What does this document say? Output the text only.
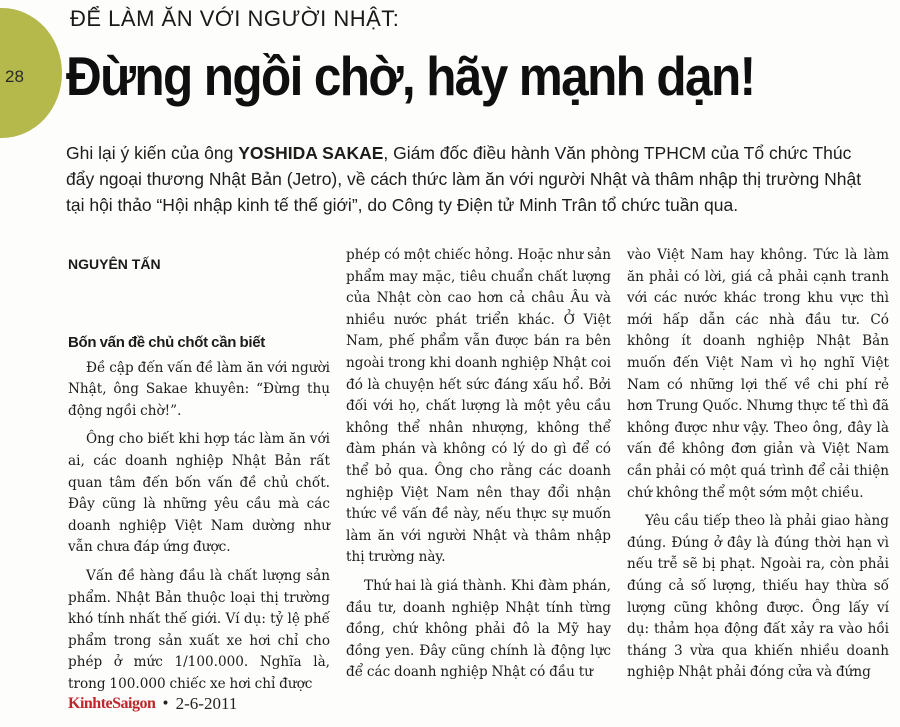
28
ĐỂ LÀM ĂN VỚI NGƯỜI NHẬT:
Đừng ngồi chờ, hãy mạnh dạn!
Ghi lại ý kiến của ông YOSHIDA SAKAE, Giám đốc điều hành Văn phòng TPHCM của Tổ chức Thúc đẩy ngoại thương Nhật Bản (Jetro), về cách thức làm ăn với người Nhật và thâm nhập thị trường Nhật tại hội thảo “Hội nhập kinh tế thế giới”, do Công ty Điện tử Minh Trân tổ chức tuần qua.
NGUYÊN TẤN
Bốn vấn đề chủ chốt cần biết

Đề cập đến vấn đề làm ăn với người Nhật, ông Sakae khuyên: “Đừng thụ động ngồi chờ!”.

Ông cho biết khi hợp tác làm ăn với ai, các doanh nghiệp Nhật Bản rất quan tâm đến bốn vấn đề chủ chốt. Đây cũng là những yêu cầu mà các doanh nghiệp Việt Nam dường như vẫn chưa đáp ứng được.

Vấn đề hàng đầu là chất lượng sản phẩm. Nhật Bản thuộc loại thị trường khó tính nhất thế giới. Ví dụ: tỷ lệ phế phẩm trong sản xuất xe hơi chỉ cho phép ở mức 1/100.000. Nghĩa là, trong 100.000 chiếc xe hơi chỉ được

phép có một chiếc hỏng. Hoặc như sản phẩm may mặc, tiêu chuẩn chất lượng của Nhật còn cao hơn cả châu Âu và nhiều nước phát triển khác. Ở Việt Nam, phế phẩm vẫn được bán ra bên ngoài trong khi doanh nghiệp Nhật coi đó là chuyện hết sức đáng xấu hổ. Bởi đối với họ, chất lượng là một yêu cầu không thể nhân nhượng, không thể đàm phán và không có lý do gì để có thể bỏ qua. Ông cho rằng các doanh nghiệp Việt Nam nên thay đổi nhận thức về vấn đề này, nếu thực sự muốn làm ăn với người Nhật và thâm nhập thị trường này.

Thứ hai là giá thành. Khi đàm phán, đầu tư, doanh nghiệp Nhật tính từng đồng, chứ không phải đô la Mỹ hay đồng yen. Đây cũng chính là động lực để các doanh nghiệp Nhật có đầu tư

vào Việt Nam hay không. Tức là làm ăn phải có lời, giá cả phải cạnh tranh với các nước khác trong khu vực thì mới hấp dẫn các nhà đầu tư. Có không ít doanh nghiệp Nhật Bản muốn đến Việt Nam vì họ nghĩ Việt Nam có những lợi thế về chi phí rẻ hơn Trung Quốc. Nhưng thực tế thì đã không được như vậy. Theo ông, đây là vấn đề không đơn giản và Việt Nam cần phải có một quá trình để cải thiện chứ không thể một sớm một chiều.

Yêu cầu tiếp theo là phải giao hàng đúng. Đúng ở đây là đúng thời hạn vì nếu trễ sẽ bị phạt. Ngoài ra, còn phải đúng cả số lượng, thiếu hay thừa số lượng cũng không được. Ông lấy ví dụ: thảm họa động đất xảy ra vào hồi tháng 3 vừa qua khiến nhiều doanh nghiệp Nhật phải đóng cửa và đứng

KinhteSaigon • 2-6-2011
